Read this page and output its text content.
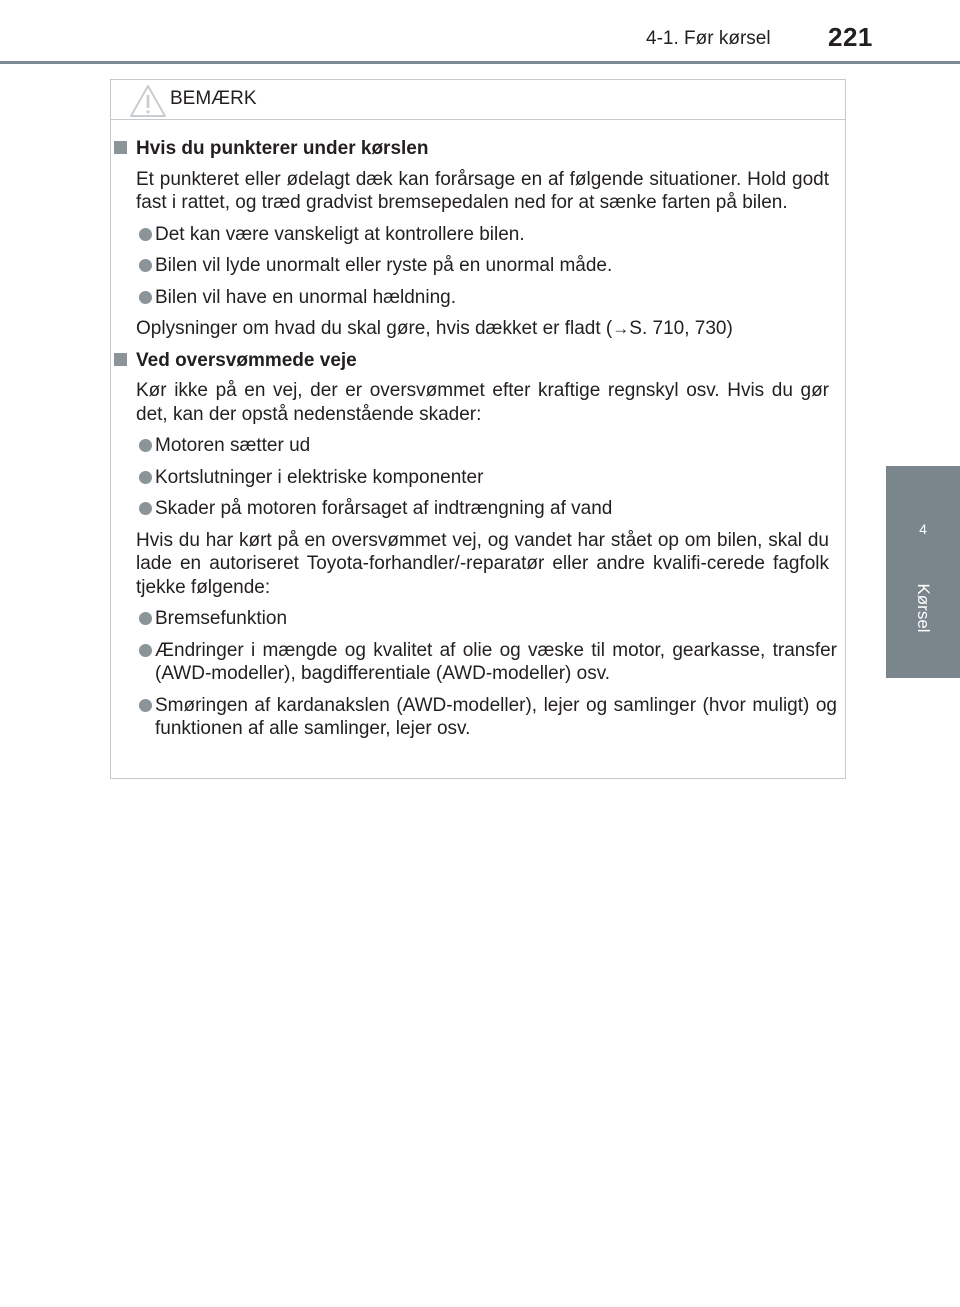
4-1. Før kørsel 221
4
Kørsel
BEMÆRK
Hvis du punkterer under kørslen
Et punkteret eller ødelagt dæk kan forårsage en af følgende situationer. Hold godt fast i rattet, og træd gradvist bremsepedalen ned for at sænke farten på bilen.
Det kan være vanskeligt at kontrollere bilen.
Bilen vil lyde unormalt eller ryste på en unormal måde.
Bilen vil have en unormal hældning.
Oplysninger om hvad du skal gøre, hvis dækket er fladt (→S. 710, 730)
Ved oversvømmede veje
Kør ikke på en vej, der er oversvømmet efter kraftige regnskyl osv. Hvis du gør det, kan der opstå nedenstående skader:
Motoren sætter ud
Kortslutninger i elektriske komponenter
Skader på motoren forårsaget af indtrængning af vand
Hvis du har kørt på en oversvømmet vej, og vandet har stået op om bilen, skal du lade en autoriseret Toyota-forhandler/-reparatør eller andre kvalifi-cerede fagfolk tjekke følgende:
Bremsefunktion
Ændringer i mængde og kvalitet af olie og væske til motor, gearkasse, transfer (AWD-modeller), bagdifferentiale (AWD-modeller) osv.
Smøringen af kardanakslen (AWD-modeller), lejer og samlinger (hvor muligt) og funktionen af alle samlinger, lejer osv.
